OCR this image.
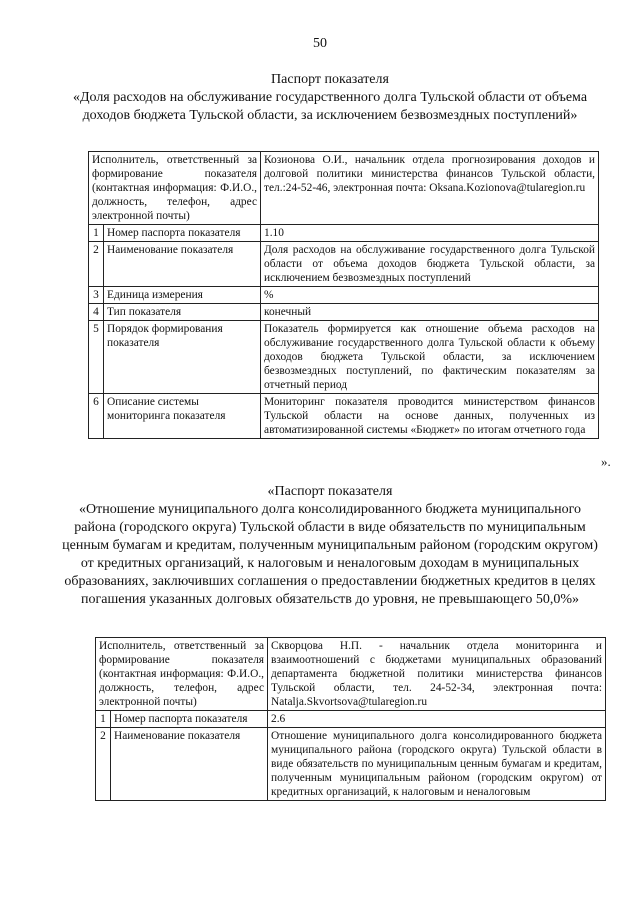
50
Паспорт показателя
«Доля расходов на обслуживание государственного долга Тульской области от объема доходов бюджета Тульской области, за исключением безвозмездных поступлений»
Исполнитель, ответственный за формирование показателя (контактная информация: Ф.И.О., должность, телефон, адрес электронной почты)		Козионова О.И., начальник отдела прогнозирования доходов и долговой политики министерства финансов Тульской области, тел.:24-52-46, электронная почта: Oksana.Kozionova@tularegion.ru
1	Номер паспорта показателя	1.10
2	Наименование показателя	Доля расходов на обслуживание государственного долга Тульской области от объема доходов бюджета Тульской области, за исключением безвозмездных поступлений
3	Единица измерения	%
4	Тип показателя	конечный
5	Порядок формирования показателя	Показатель формируется как отношение объема расходов на обслуживание государственного долга Тульской области к объему доходов бюджета Тульской области, за исключением безвозмездных поступлений, по фактическим показателям за отчетный период
6	Описание системы мониторинга показателя	Мониторинг показателя проводится министерством финансов Тульской области на основе данных, полученных из автоматизированной системы «Бюджет» по итогам отчетного года
».
«Паспорт показателя
«Отношение муниципального долга консолидированного бюджета муниципального района (городского округа) Тульской области в виде обязательств по муниципальным ценным бумагам и кредитам, полученным муниципальным районом (городским округом) от кредитных организаций, к налоговым и неналоговым доходам в муниципальных образованиях, заключивших соглашения о предоставлении бюджетных кредитов в целях погашения указанных долговых обязательств до уровня, не превышающего 50,0%»
Исполнитель, ответственный за формирование показателя (контактная информация: Ф.И.О., должность, телефон, адрес электронной почты)		Скворцова Н.П. - начальник отдела мониторинга и взаимоотношений с бюджетами муниципальных образований департамента бюджетной политики министерства финансов Тульской области, тел. 24-52-34, электронная почта: Natalja.Skvortsova@tularegion.ru
1	Номер паспорта показателя	2.6
2	Наименование показателя	Отношение муниципального долга консолидированного бюджета муниципального района (городского округа) Тульской области в виде обязательств по муниципальным ценным бумагам и кредитам, полученным муниципальным районом (городским округом) от кредитных организаций, к налоговым и неналоговым
